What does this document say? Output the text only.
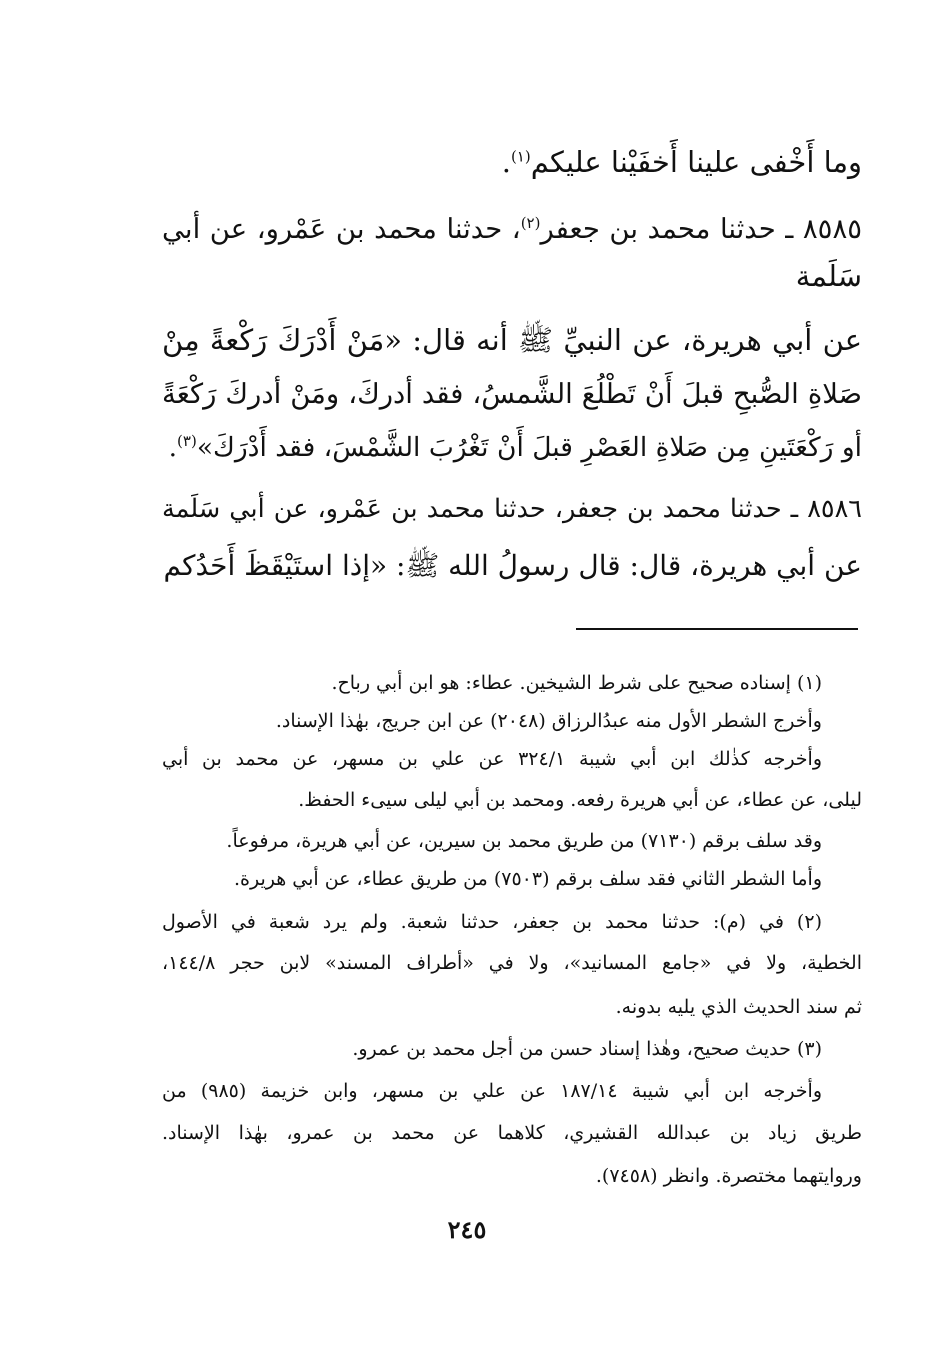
وما أَخْفى علينا أَخفَيْنا عليكم$^{(١)}$.
٨٥٨٥ ـ حدثنا محمد بن جعفر$^{(٢)}$، حدثنا محمد بن عَمْرو، عن أبي
سَلَمة
عن أبي هريرة، عن النبيِّ ﷺ أنه قال: «مَنْ أَدْرَكَ رَكْعةً مِنْ
صَلاةِ الصُّبحِ قبلَ أَنْ تَطْلُعَ الشَّمسُ، فقد أدركَ، ومَنْ أدركَ رَكْعَةً
أو رَكْعَتَينِ مِن صَلاةِ العَصْرِ قبلَ أَنْ تَغْرُبَ الشَّمْسَ، فقد أَدْرَكَ»$^{(٣)}$.
٨٥٨٦ ـ حدثنا محمد بن جعفر، حدثنا محمد بن عَمْرو، عن أبي سَلَمة
عن أبي هريرة، قال: قال رسولُ الله ﷺ: «إذا استَيْقَظَ أَحَدُكم
(١) إسناده صحيح على شرط الشيخين. عطاء: هو ابن أبي رباح.
وأخرج الشطر الأول منه عبدُالرزاق (٢٠٤٨) عن ابن جريج، بهٰذا الإسناد.
وأخرجه كذٰلك ابن أبي شيبة ٣٢٤/١ عن علي بن مسهر، عن محمد بن أبي
ليلى، عن عطاء، عن أبي هريرة رفعه. ومحمد بن أبي ليلى سيىء الحفظ.
وقد سلف برقم (٧١٣٠) من طريق محمد بن سيرين، عن أبي هريرة، مرفوعاً.
وأما الشطر الثاني فقد سلف برقم (٧٥٠٣) من طريق عطاء، عن أبي هريرة.
(٢) في (م): حدثنا محمد بن جعفر، حدثنا شعبة. ولم يرد شعبة في الأصول
الخطية، ولا في «جامع المسانيد»، ولا في «أطراف المسند» لابن حجر ١٤٤/٨،
ثم سند الحديث الذي يليه بدونه.
(٣) حديث صحيح، وهٰذا إسناد حسن من أجل محمد بن عمرو.
وأخرجه ابن أبي شيبة ١٨٧/١٤ عن علي بن مسهر، وابن خزيمة (٩٨٥) من
طريق زياد بن عبدالله القشيري، كلاهما عن محمد بن عمرو، بهٰذا الإسناد.
وروايتهما مختصرة. وانظر (٧٤٥٨).
٢٤٥
